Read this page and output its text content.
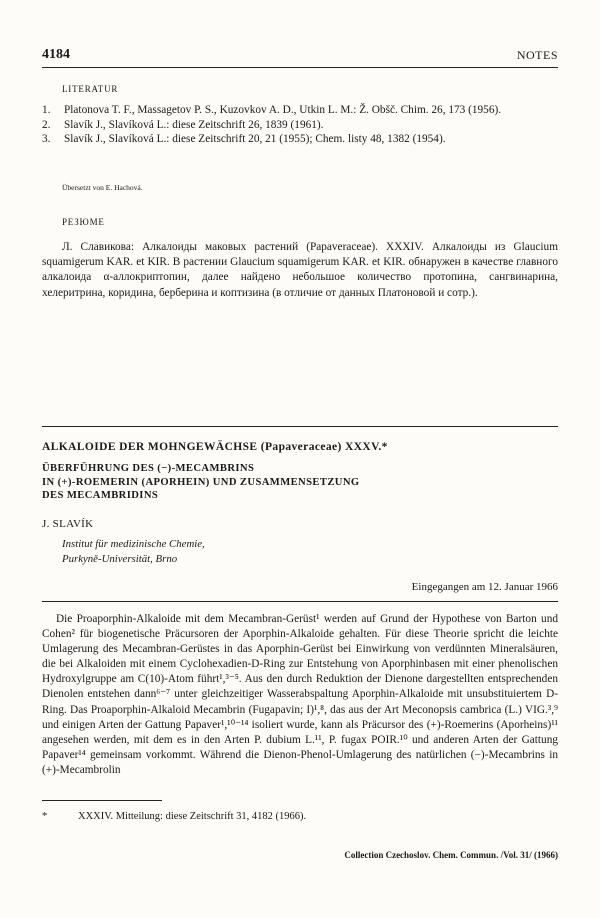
4184	NOTES
LITERATUR
1. Platonova T. F., Massagetov P. S., Kuzovkov A. D., Utkin L. M.: Ž. Obšč. Chim. 26, 173 (1956).
2. Slavík J., Slavíková L.: diese Zeitschrift 26, 1839 (1961).
3. Slavík J., Slavíková L.: diese Zeitschrift 20, 21 (1955); Chem. listy 48, 1382 (1954).
Übersetzt von E. Hachová.
РЕЗЮМЕ
Л. Славикова: Алкалоиды маковых растений (Papaveraceae). XXXIV. Алкалоиды из Glaucium squamigerum KAR. et KIR. В растении Glaucium squamigerum KAR. et KIR. обнаружен в качестве главного алкалоида α-аллокриптопин, далее найдено небольшое количество протопина, сангвинарина, хелеритрина, коридина, берберина и коптизина (в отличие от данных Платоновой и сотр.).
ALKALOIDE DER MOHNGEWÄCHSE (Papaveraceae) XXXV.*
ÜBERFÜHRUNG DES (−)-MECAMBRINS
IN (+)-ROEMERIN (APORHEIN) UND ZUSAMMENSETZUNG
DES MECAMBRIDINS
J. SLAVÍK
Institut für medizinische Chemie,
Purkyně-Universität, Brno
Eingegangen am 12. Januar 1966
Die Proaporphin-Alkaloide mit dem Mecambran-Gerüst¹ werden auf Grund der Hypothese von Barton und Cohen² für biogenetische Präcursoren der Aporphin-Alkaloide gehalten. Für diese Theorie spricht die leichte Umlagerung des Mecambran-Gerüstes in das Aporphin-Gerüst bei Einwirkung von verdünnten Mineralsäuren, die bei Alkaloiden mit einem Cyclohexadien-D-Ring zur Entstehung von Aporphinbasen mit einer phenolischen Hydroxylgruppe am C(10)-Atom führt¹,³⁻⁵. Aus den durch Reduktion der Dienone dargestellten entsprechenden Dienolen entstehen dann⁶⁻⁷ unter gleichzeitiger Wasserabspaltung Aporphin-Alkaloide mit unsubstituiertem D-Ring. Das Proaporphin-Alkaloid Mecambrin (Fugapavin; I)¹,⁸, das aus der Art Meconopsis cambrica (L.) VIG.³,⁹ und einigen Arten der Gattung Papaver¹,¹⁰⁻¹⁴ isoliert wurde, kann als Präcursor des (+)-Roemerins (Aporheins)¹¹ angesehen werden, mit dem es in den Arten P. dubium L.¹¹, P. fugax POIR.¹⁰ und anderen Arten der Gattung Papaver¹⁴ gemeinsam vorkommt. Während die Dienon-Phenol-Umlagerung des natürlichen (−)-Mecambrins in (+)-Mecambrolin
*	XXXIV. Mitteilung: diese Zeitschrift 31, 4182 (1966).
Collection Czechoslov. Chem. Commun. /Vol. 31/ (1966)
